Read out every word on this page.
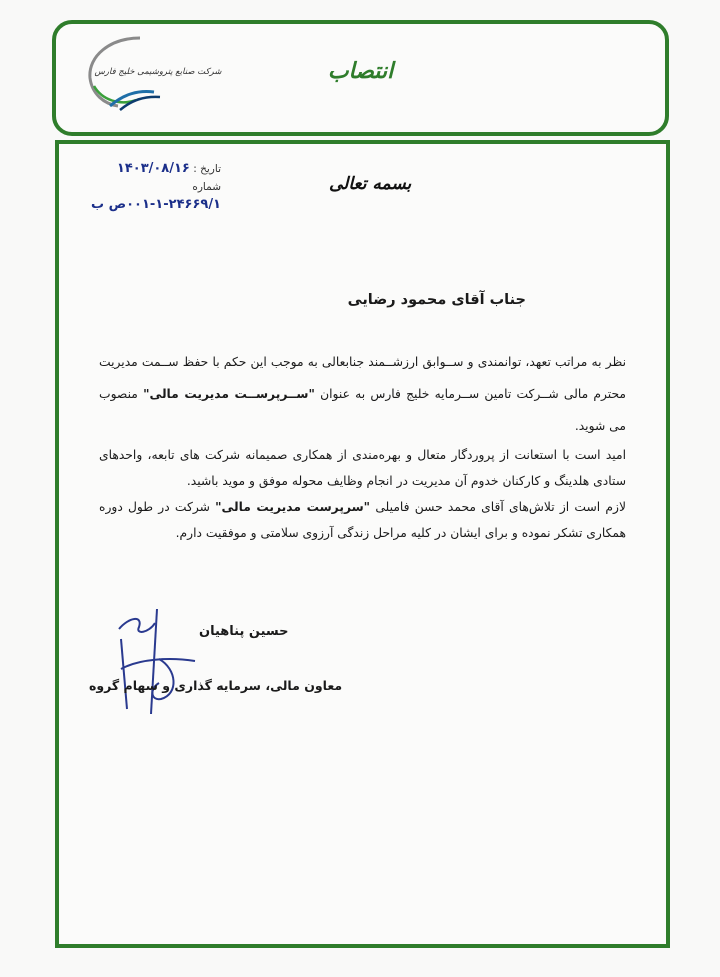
شرکت صنایع پتروشیمی خلیج فارس	انتصاب
بسمه تعالی
تاریخ : ۱۴۰۳/۰۸/۱۶
شماره ۲۴۶۶۹/۱-۱-۰۰۱ص ب
جناب آقای محمود رضایی

نظر به مراتب تعهد، توانمندی و ســوابق ارزشــمند جنابعالی به موجب این حکم با حفظ ســمت مدیریت محترم مالی شــرکت تامین ســرمایه خلیج فارس به عنوان "ســرپرســت مدیریت مالی" منصوب می شوید.

امید است با استعانت از پروردگار متعال و بهره‌مندی از همکاری صمیمانه شرکت های تابعه، واحدهای ستادی هلدینگ و کارکنان خدوم آن مدیریت در انجام وظایف محوله موفق و موید باشید.

لازم است از تلاش‌های آقای محمد حسن فامیلی "سرپرست مدیریت مالی" شرکت در طول دوره همکاری تشکر نموده و برای ایشان در کلیه مراحل زندگی آرزوی سلامتی و موفقیت دارم.

حسین پناهیان
معاون مالی، سرمایه گذاری و سهام گروه
